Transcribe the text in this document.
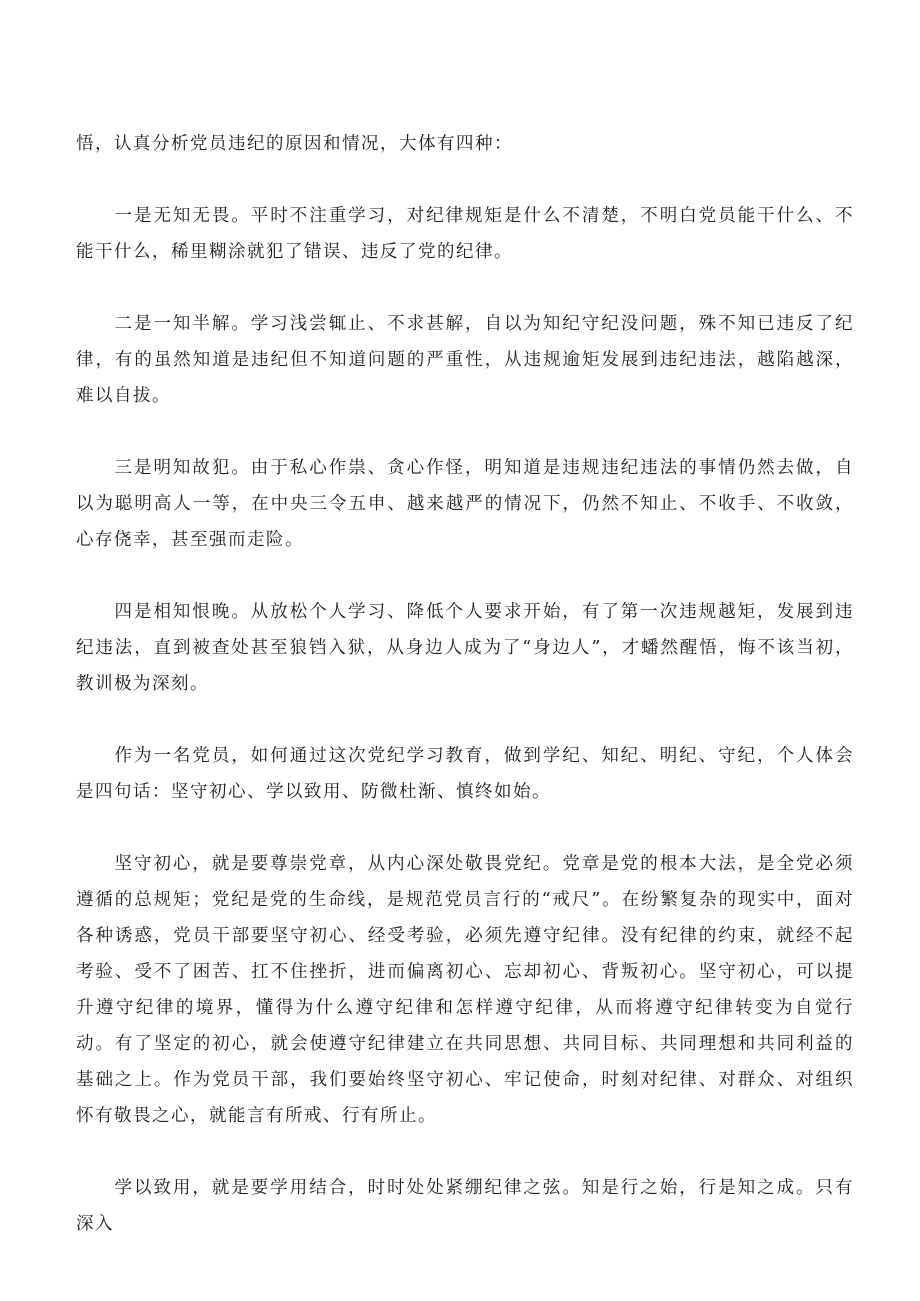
悟，认真分析党员违纪的原因和情况，大体有四种：

一是无知无畏。平时不注重学习，对纪律规矩是什么不清楚，不明白党员能干什么、不能干什么，稀里糊涂就犯了错误、违反了党的纪律。

二是一知半解。学习浅尝辄止、不求甚解，自以为知纪守纪没问题，殊不知已违反了纪律，有的虽然知道是违纪但不知道问题的严重性，从违规逾矩发展到违纪违法，越陷越深，难以自拔。

三是明知故犯。由于私心作祟、贪心作怪，明知道是违规违纪违法的事情仍然去做，自以为聪明高人一等，在中央三令五申、越来越严的情况下，仍然不知止、不收手、不收敛，心存侥幸，甚至强而走险。

四是相知恨晚。从放松个人学习、降低个人要求开始，有了第一次违规越矩，发展到违纪违法，直到被查处甚至狼铛入狱，从身边人成为了“身边人”，才蟠然醒悟，悔不该当初，教训极为深刻。

作为一名党员，如何通过这次党纪学习教育，做到学纪、知纪、明纪、守纪，个人体会是四句话：坚守初心、学以致用、防微杜渐、慎终如始。

坚守初心，就是要尊崇党章，从内心深处敬畏党纪。党章是党的根本大法，是全党必须遵循的总规矩；党纪是党的生命线，是规范党员言行的“戒尺”。在纷繁复杂的现实中，面对各种诱惑，党员干部要坚守初心、经受考验，必须先遵守纪律。没有纪律的约束，就经不起考验、受不了困苦、扛不住挫折，进而偏离初心、忘却初心、背叛初心。坚守初心，可以提升遵守纪律的境界，懂得为什么遵守纪律和怎样遵守纪律，从而将遵守纪律转变为自觉行动。有了坚定的初心，就会使遵守纪律建立在共同思想、共同目标、共同理想和共同利益的基础之上。作为党员干部，我们要始终坚守初心、牢记使命，时刻对纪律、对群众、对组织怀有敬畏之心，就能言有所戒、行有所止。

学以致用，就是要学用结合，时时处处紧绷纪律之弦。知是行之始，行是知之成。只有深入
